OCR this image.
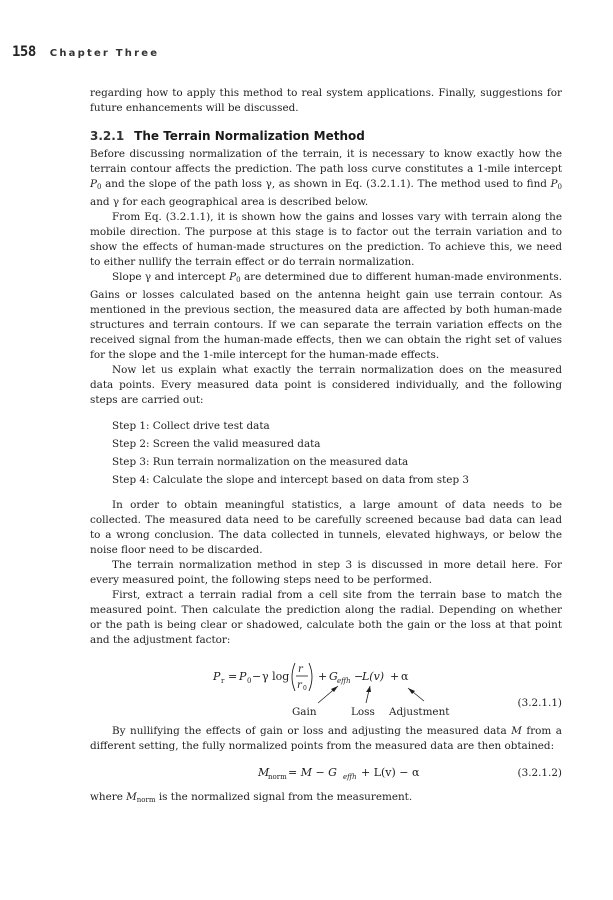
158 Chapter Three

regarding how to apply this method to real system applications. Finally, suggestions for future enhancements will be discussed.

3.2.1 The Terrain Normalization Method

Before discussing normalization of the terrain, it is necessary to know exactly how the terrain contour affects the prediction. The path loss curve constitutes a 1-mile intercept $P_0$ and the slope of the path loss γ, as shown in Eq. (3.2.1.1). The method used to find $P_0$ and γ for each geographical area is described below.

From Eq. (3.2.1.1), it is shown how the gains and losses vary with terrain along the mobile direction. The purpose at this stage is to factor out the terrain variation and to show the effects of human-made structures on the prediction. To achieve this, we need to either nullify the terrain effect or do terrain normalization.

Slope γ and intercept $P_0$ are determined due to different human-made environments. Gains or losses calculated based on the antenna height gain use terrain contour. As mentioned in the previous section, the measured data are affected by both human-made structures and terrain contours. If we can separate the terrain variation effects on the received signal from the human-made effects, then we can obtain the right set of values for the slope and the 1-mile intercept for the human-made effects.

Now let us explain what exactly the terrain normalization does on the measured data points. Every measured data point is considered individually, and the following steps are carried out:

Step 1: Collect drive test data
Step 2: Screen the valid measured data
Step 3: Run terrain normalization on the measured data
Step 4: Calculate the slope and intercept based on data from step 3

In order to obtain meaningful statistics, a large amount of data needs to be collected. The measured data need to be carefully screened because bad data can lead to a wrong conclusion. The data collected in tunnels, elevated highways, or below the noise floor need to be discarded.

The terrain normalization method in step 3 is discussed in more detail here. For every measured point, the following steps need to be performed.

First, extract a terrain radial from a cell site from the terrain base to match the measured point. Then calculate the prediction along the radial. Depending on whether or the path is being clear or shadowed, calculate both the gain or the loss at that point and the adjustment factor:

P r = P 0 − γ log
r
r 0
+ G effh −
L(v) + α
Gain	Loss Adjustment
(3.2.1.1)

By nullifying the effects of gain or loss and adjusting the measured data M from a different setting, the fully normalized points from the measured data are then obtained:

M
norm = M − G effh + L(v) − α	(3.2.1.2)

where $M_{norm}$ is the normalized signal from the measurement.
